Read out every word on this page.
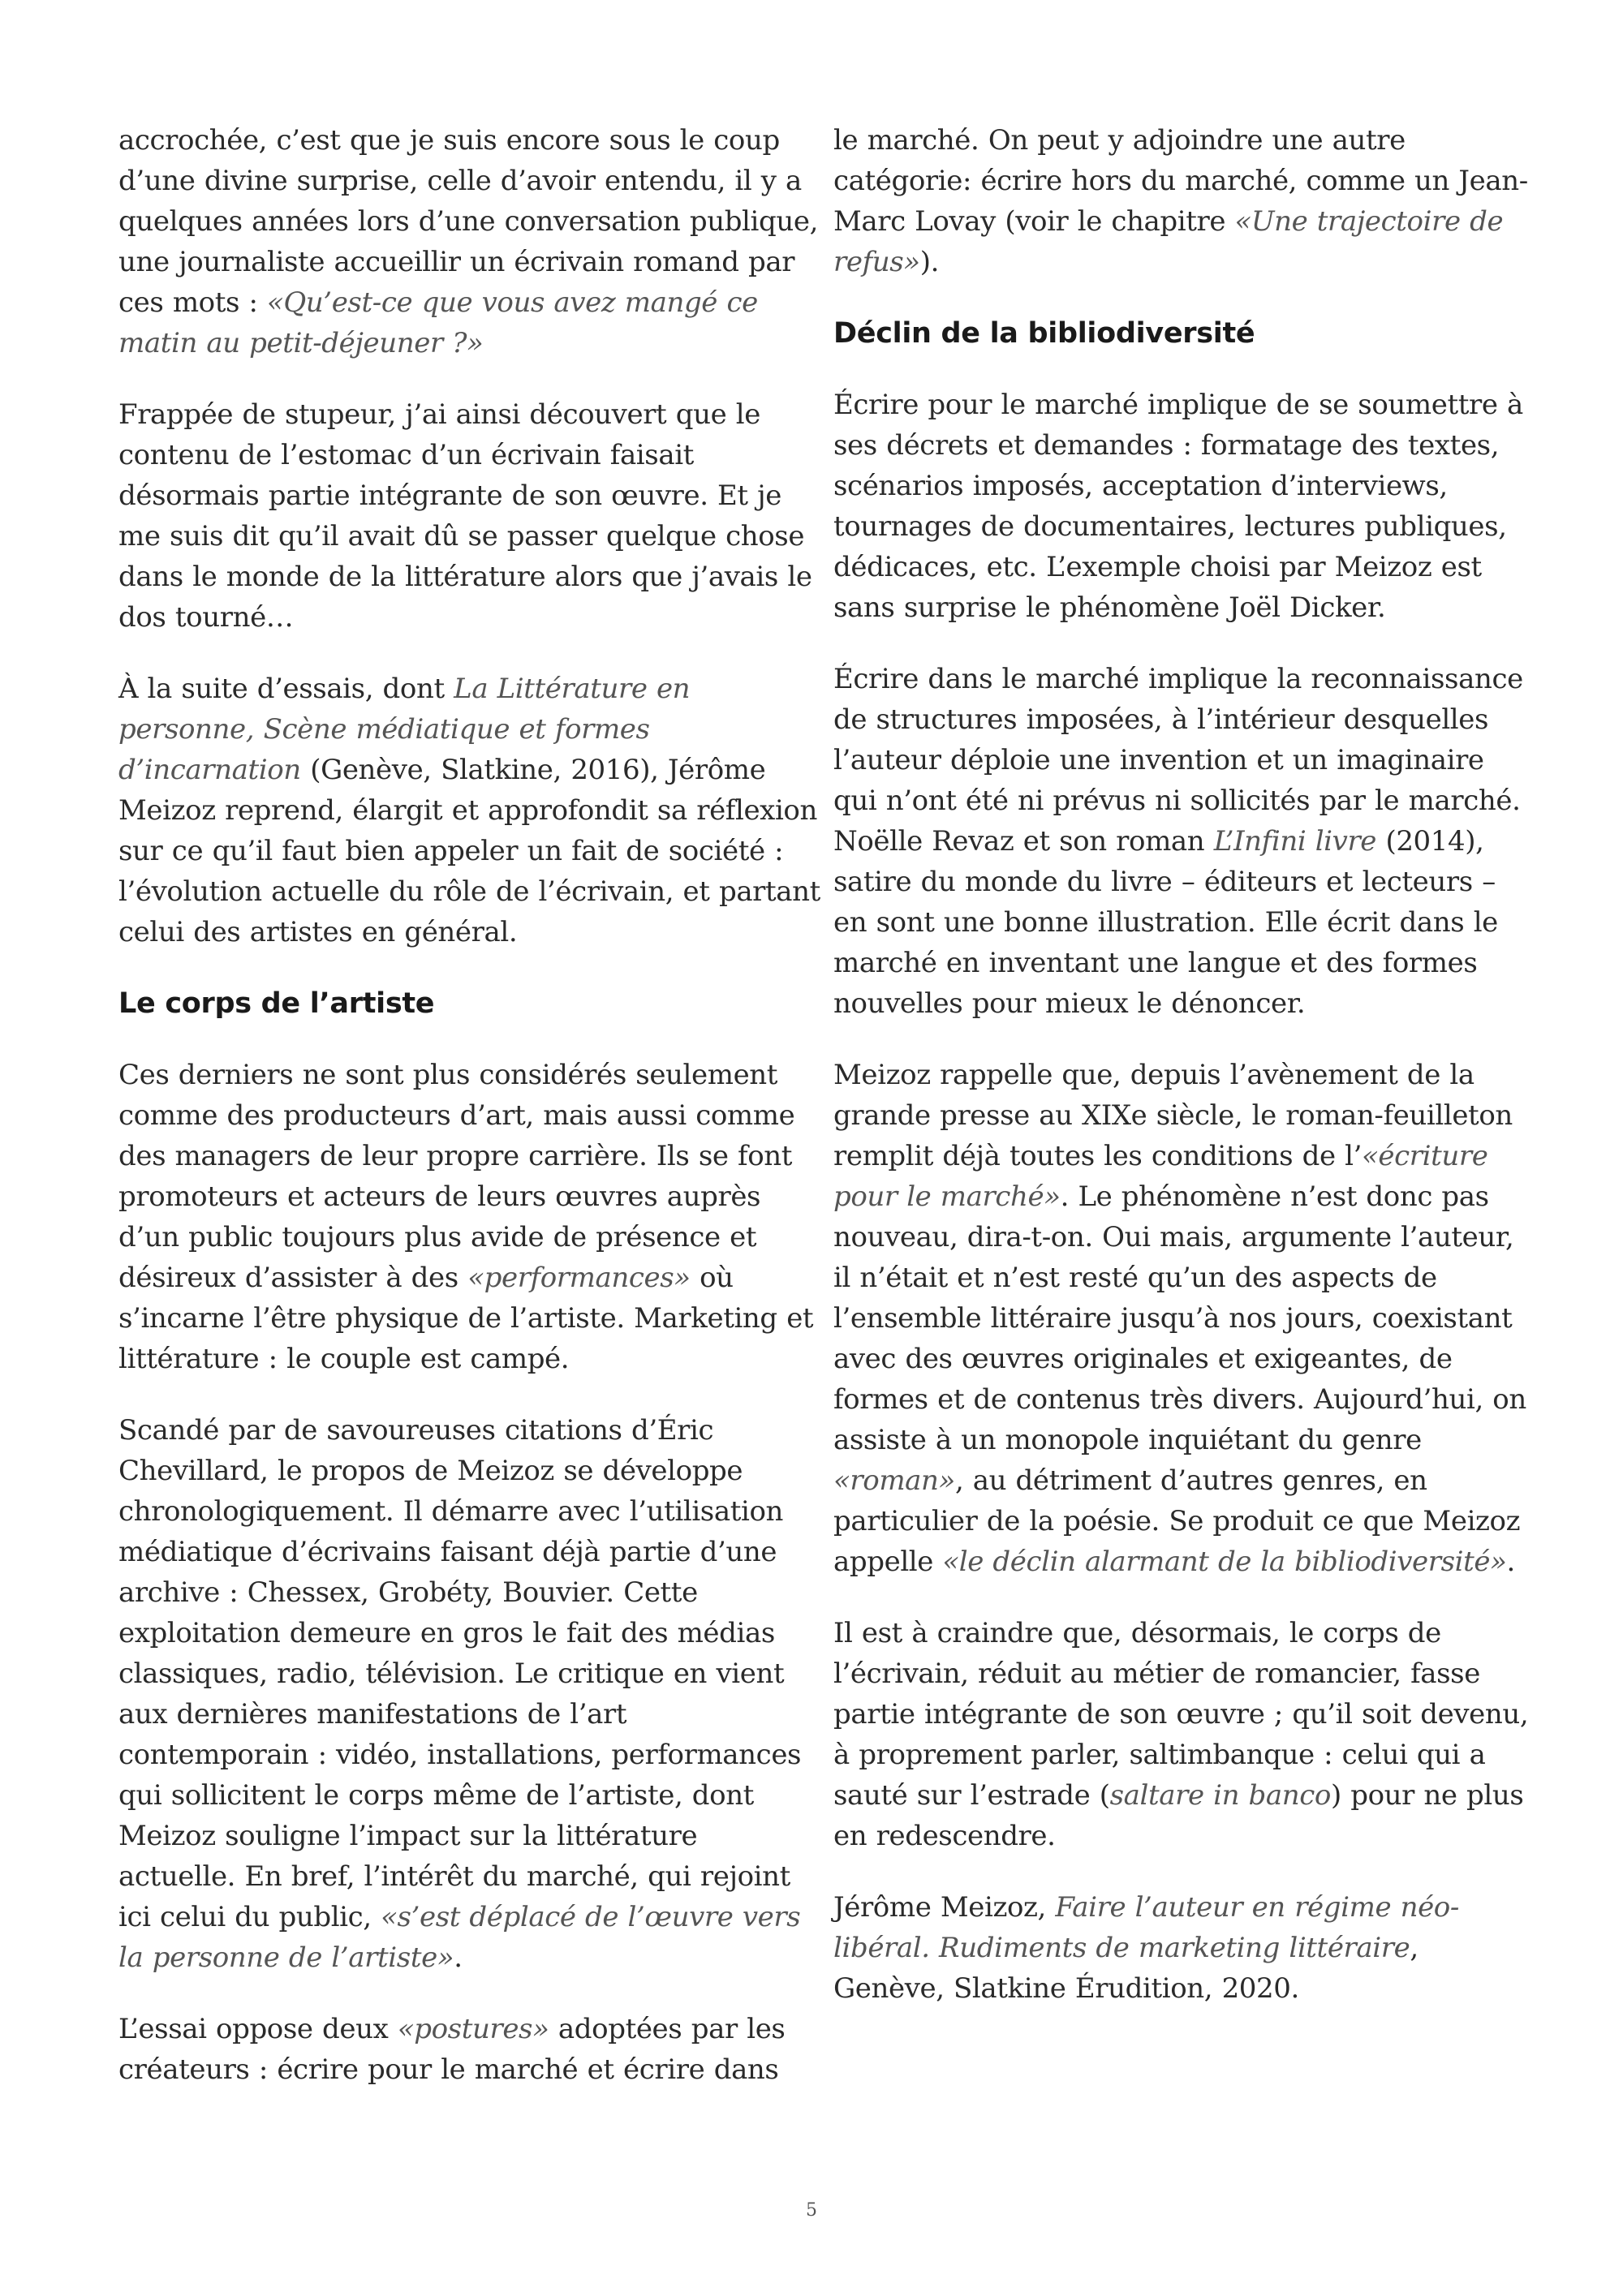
accrochée, c’est que je suis encore sous le coup d’une divine surprise, celle d’avoir entendu, il y a quelques années lors d’une conversation publique, une journaliste accueillir un écrivain romand par ces mots : «Qu’est-ce que vous avez mangé ce matin au petit-déjeuner ?»

Frappée de stupeur, j’ai ainsi découvert que le contenu de l’estomac d’un écrivain faisait désormais partie intégrante de son œuvre. Et je me suis dit qu’il avait dû se passer quelque chose dans le monde de la littérature alors que j’avais le dos tourné…

À la suite d’essais, dont La Littérature en personne, Scène médiatique et formes d’incarnation (Genève, Slatkine, 2016), Jérôme Meizoz reprend, élargit et approfondit sa réflexion sur ce qu’il faut bien appeler un fait de société : l’évolution actuelle du rôle de l’écrivain, et partant celui des artistes en général.

Le corps de l’artiste

Ces derniers ne sont plus considérés seulement comme des producteurs d’art, mais aussi comme des managers de leur propre carrière. Ils se font promoteurs et acteurs de leurs œuvres auprès d’un public toujours plus avide de présence et désireux d’assister à des «performances» où s’incarne l’être physique de l’artiste. Marketing et littérature : le couple est campé.

Scandé par de savoureuses citations d’Éric Chevillard, le propos de Meizoz se développe chronologiquement. Il démarre avec l’utilisation médiatique d’écrivains faisant déjà partie d’une archive : Chessex, Grobéty, Bouvier. Cette exploitation demeure en gros le fait des médias classiques, radio, télévision. Le critique en vient aux dernières manifestations de l’art contemporain : vidéo, installations, performances qui sollicitent le corps même de l’artiste, dont Meizoz souligne l’impact sur la littérature actuelle. En bref, l’intérêt du marché, qui rejoint ici celui du public, «s’est déplacé de l’œuvre vers la personne de l’artiste».

L’essai oppose deux «postures» adoptées par les créateurs : écrire pour le marché et écrire dans

le marché. On peut y adjoindre une autre catégorie: écrire hors du marché, comme un Jean-Marc Lovay (voir le chapitre «Une trajectoire de refus»).

Déclin de la bibliodiversité

Écrire pour le marché implique de se soumettre à ses décrets et demandes : formatage des textes, scénarios imposés, acceptation d’interviews, tournages de documentaires, lectures publiques, dédicaces, etc. L’exemple choisi par Meizoz est sans surprise le phénomène Joël Dicker.

Écrire dans le marché implique la reconnaissance de structures imposées, à l’intérieur desquelles l’auteur déploie une invention et un imaginaire qui n’ont été ni prévus ni sollicités par le marché. Noëlle Revaz et son roman L’Infini livre (2014), satire du monde du livre – éditeurs et lecteurs – en sont une bonne illustration. Elle écrit dans le marché en inventant une langue et des formes nouvelles pour mieux le dénoncer.

Meizoz rappelle que, depuis l’avènement de la grande presse au XIXe siècle, le roman-feuilleton remplit déjà toutes les conditions de l’«écriture pour le marché». Le phénomène n’est donc pas nouveau, dira-t-on. Oui mais, argumente l’auteur, il n’était et n’est resté qu’un des aspects de l’ensemble littéraire jusqu’à nos jours, coexistant avec des œuvres originales et exigeantes, de formes et de contenus très divers. Aujourd’hui, on assiste à un monopole inquiétant du genre «roman», au détriment d’autres genres, en particulier de la poésie. Se produit ce que Meizoz appelle «le déclin alarmant de la bibliodiversité».

Il est à craindre que, désormais, le corps de l’écrivain, réduit au métier de romancier, fasse partie intégrante de son œuvre ; qu’il soit devenu, à proprement parler, saltimbanque : celui qui a sauté sur l’estrade (saltare in banco) pour ne plus en redescendre.

Jérôme Meizoz, Faire l’auteur en régime néo-libéral. Rudiments de marketing littéraire, Genève, Slatkine Érudition, 2020.

5
